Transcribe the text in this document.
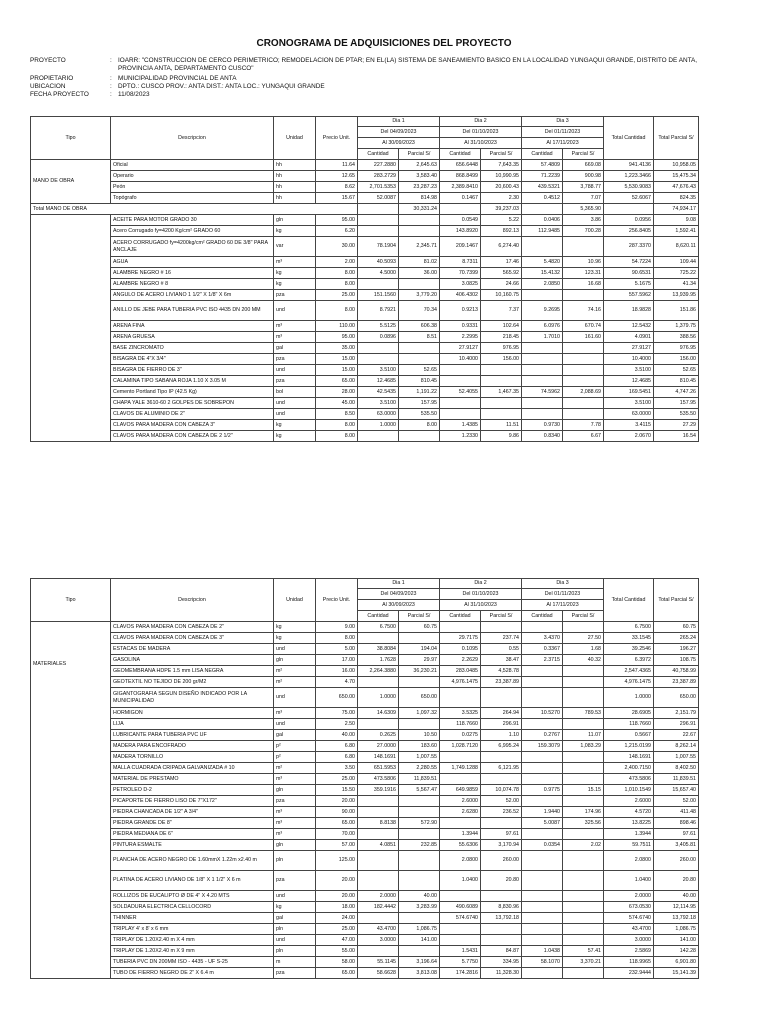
CRONOGRAMA DE ADQUISICIONES DEL PROYECTO
PROYECTO	: IOARR: "CONSTRUCCION DE CERCO PERIMETRICO; REMODELACION DE PTAR; EN EL(LA) SISTEMA DE SANEAMIENTO BASICO EN LA LOCALIDAD YUNGAQUI GRANDE, DISTRITO DE ANTA, PROVINCIA ANTA, DEPARTAMENTO CUSCO"
PROPIETARIO	: MUNICIPALIDAD PROVINCIAL DE ANTA
UBICACION	: DPTO.: CUSCO PROV.: ANTA DIST.: ANTA LOC.: YUNGAQUI GRANDE
FECHA PROYECTO	: 11/08/2023
Tipo	Descripcion	Unidad	Precio Unit.	Dia 1		Dia 2		Dia 3		Total Cantidad	Total Parcial S/
				Del 04/09/2023		Del 01/10/2023		Del 01/11/2023			
				Al 30/09/2023		Al 31/10/2023		Al 17/11/2023			
				Cantidad	Parcial S/	Cantidad	Parcial S/	Cantidad	Parcial S/		
MANO DE OBRA	Oficial	hh	11.64	227.2880	2,645.63	656.6448	7,643.35	57.4809	669.08	941.4136	10,958.05
	Operario	hh	12.65	283.2729	3,583.40	868.8499	10,990.95	71.2239	900.98	1,223.3466	15,475.34
	Peón	hh	8.62	2,701.5353	23,287.23	2,389.8410	20,600.43	439.5321	3,788.77	5,530.9083	47,676.43
	Topógrafo	hh	15.67	52.0087	814.98	0.1467	2.30	0.4512	7.07	52.6067	824.35
Total MANO DE OBRA					30,331.24		39,237.03		5,365.90		74,934.17
	ACEITE PARA MOTOR GRADO 30	gln	95.00			0.0549	5.22	0.0406	3.86	0.0956	9.08
	Acero Corrugado fy=4200 Kg/cm² GRADO 60	kg	6.20			143.8920	892.13	112.9485	700.28	256.8405	1,592.41
	ACERO CORRUGADO fy=4200kg/cm² GRADO 60 DE 3/8" PARA ANCLAJE	var	30.00	78.1904	2,345.71	209.1467	6,274.40			287.3370	8,620.11
	AGUA	m³	2.00	40.5093	81.02	8.7311	17.46	5.4820	10.96	54.7224	109.44
	ALAMBRE NEGRO # 16	kg	8.00	4.5000	36.00	70.7399	565.92	15.4132	123.31	90.6531	725.22
	ALAMBRE NEGRO # 8	kg	8.00			3.0825	24.66	2.0850	16.68	5.1675	41.34
	ANGULO DE ACERO LIVIANO 1 1/2" X 1/8" X 6m	pza	25.00	151.1560	3,779.20	406.4302	10,160.75			557.5962	13,939.95
	ANILLO DE JEBE PARA TUBERIA PVC ISO 4435 DN 200 MM	und	8.00	8.7921	70.34	0.9213	7.37	9.2695	74.16	18.9828	151.86
	ARENA FINA	m³	110.00	5.5125	606.38	0.9331	102.64	6.0976	670.74	12.5432	1,379.75
	ARENA GRUESA	m³	95.00	0.0896	8.51	2.2995	218.45	1.7010	161.60	4.0901	388.56
	BASE ZINCROMATO	gal	35.00			27.9127	976.95			27.9127	976.95
	BISAGRA DE 4"X 3/4"	pza	15.00			10.4000	156.00			10.4000	156.00
	BISAGRA DE FIERRO DE 3"	und	15.00	3.5100	52.65					3.5100	52.65
	CALAMINA TIPO SABANA ROJA 1.10 X 3.05 M	pza	65.00	12.4685	810.45					12.4685	810.45
	Cemento Portland Tipo IP (42.5 Kg)	bol	28.00	42.5435	1,191.22	52.4055	1,467.35	74.5962	2,088.69	169.5451	4,747.26
	CHAPA YALE 3610-60 2 GOLPES DE SOBREPON	und	45.00	3.5100	157.95					3.5100	157.95
	CLAVOS DE ALUMINIO DE 2"	und	8.50	63.0000	535.50					63.0000	535.50
	CLAVOS PARA MADERA CON CABEZA 3"	kg	8.00	1.0000	8.00	1.4385	11.51	0.9730	7.78	3.4115	27.29
	CLAVOS PARA MADERA CON CABEZA DE 2 1/2"	kg	8.00			1.2330	9.86	0.8340	6.67	2.0670	16.54
Tipo	Descripcion	Unidad	Precio Unit.	Dia 1		Dia 2		Dia 3		Total Cantidad	Total Parcial S/
				Del 04/09/2023		Del 01/10/2023		Del 01/11/2023			
				Al 30/09/2023		Al 31/10/2023		Al 17/11/2023			
				Cantidad	Parcial S/	Cantidad	Parcial S/	Cantidad	Parcial S/		
MATERIALES	CLAVOS PARA MADERA CON CABEZA DE 2"	kg	9.00	6.7500	60.75					6.7500	60.75
	CLAVOS PARA MADERA CON CABEZA DE 3"	kg	8.00			29.7175	237.74	3.4370	27.50	33.1545	265.24
	ESTACAS DE MADERA	und	5.00	38.8084	194.04	0.1095	0.55	0.3367	1.68	39.2546	196.27
	GASOLINA	gln	17.00	1.7628	29.97	2.2629	38.47	2.3715	40.32	6.3972	108.75
	GEOMEMBRANA HDPE 1.5 mm LISA NEGRA	m²	16.00	2,264.3880	36,230.21	283.0485	4,528.78			2,547.4365	40,758.99
	GEOTEXTIL NO TEJIDO DE 200 gr/M2	m²	4.70			4,976.1475	23,387.89			4,976.1475	23,387.89
	GIGANTOGRAFIA SEGUN DISEÑO INDICADO POR LA MUNICIPALIDAD	und	650.00	1.0000	650.00					1.0000	650.00
	HORMIGON	m³	75.00	14.6309	1,097.32	3.5325	264.94	10.5270	789.53	28.6905	2,151.79
	LIJA	und	2.50			118.7660	296.91			118.7660	296.91
	LUBRICANTE PARA TUBERIA PVC UF	gal	40.00	0.2625	10.50	0.0275	1.10	0.2767	11.07	0.5667	22.67
	MADERA PARA ENCOFRADO	p²	6.80	27.0000	183.60	1,028.7120	6,995.24	159.3079	1,083.29	1,215.0199	8,262.14
	MADERA TORNILLO	p²	6.80	148.1691	1,007.55					148.1691	1,007.55
	MALLA CUADRADA CRIPADA GALVANIZADA # 10	m²	3.50	651.5953	2,280.55	1,749.1288	6,121.95			2,400.7150	8,402.50
	MATERIAL DE PRESTAMO	m³	25.00	473.5806	11,839.51					473.5806	11,839.51
	PETROLEO D-2	gln	15.50	359.1916	5,567.47	649.9859	10,074.78	0.9775	15.15	1,010.1549	15,657.40
	PICAPORTE DE FIERRO LISO DE 7"X172"	pza	20.00			2.6000	52.00			2.6000	52.00
	PIEDRA CHANCADA DE 1/2" A 3/4"	m³	90.00			2.6280	236.52	1.9440	174.96	4.5720	411.48
	PIEDRA GRANDE DE 8"	m³	65.00	8.8138	572.90			5.0087	325.56	13.8225	898.46
	PIEDRA MEDIANA DE 6"	m³	70.00			1.3944	97.61			1.3944	97.61
	PINTURA ESMALTE	gln	57.00	4.0851	232.85	55.6306	3,170.94	0.0354	2.02	59.7511	3,405.81
	PLANCHA DE ACERO NEGRO DE 1.60mmX 1.22m x2.40 m	pln	125.00			2.0800	260.00			2.0800	260.00
	PLATINA DE ACERO LIVIANO DE 1/8" X 1 1/2" X 6 m	pza	20.00			1.0400	20.80			1.0400	20.80
	ROLLIZOS DE EUCALIPTO Ø DE 4" X 4.20 MTS	und	20.00	2.0000	40.00					2.0000	40.00
	SOLDADURA ELECTRICA CELLOCORD	kg	18.00	182.4442	3,283.99	490.6089	8,830.96			673.0530	12,114.95
	THINNER	gal	24.00			574.6740	13,792.18			574.6740	13,792.18
	TRIPLAY 4' x 8' x 6 mm	pln	25.00	43.4700	1,086.75					43.4700	1,086.75
	TRIPLAY DE 1.20X2.40 m X 4 mm	und	47.00	3.0000	141.00					3.0000	141.00
	TRIPLAY DE 1.20X2.40 m X 9 mm	pln	55.00			1.5431	84.87	1.0438	57.41	2.5869	142.28
	TUBERIA PVC DN 200MM ISO - 4435 - UF S-25	m	58.00	55.1145	3,196.64	5.7750	334.95	58.1070	3,370.21	118.9965	6,901.80
	TUBO DE FIERRO NEGRO DE 2" X 6.4 m	pza	65.00	58.6628	3,813.08	174.2816	11,328.30			232.9444	15,141.39
